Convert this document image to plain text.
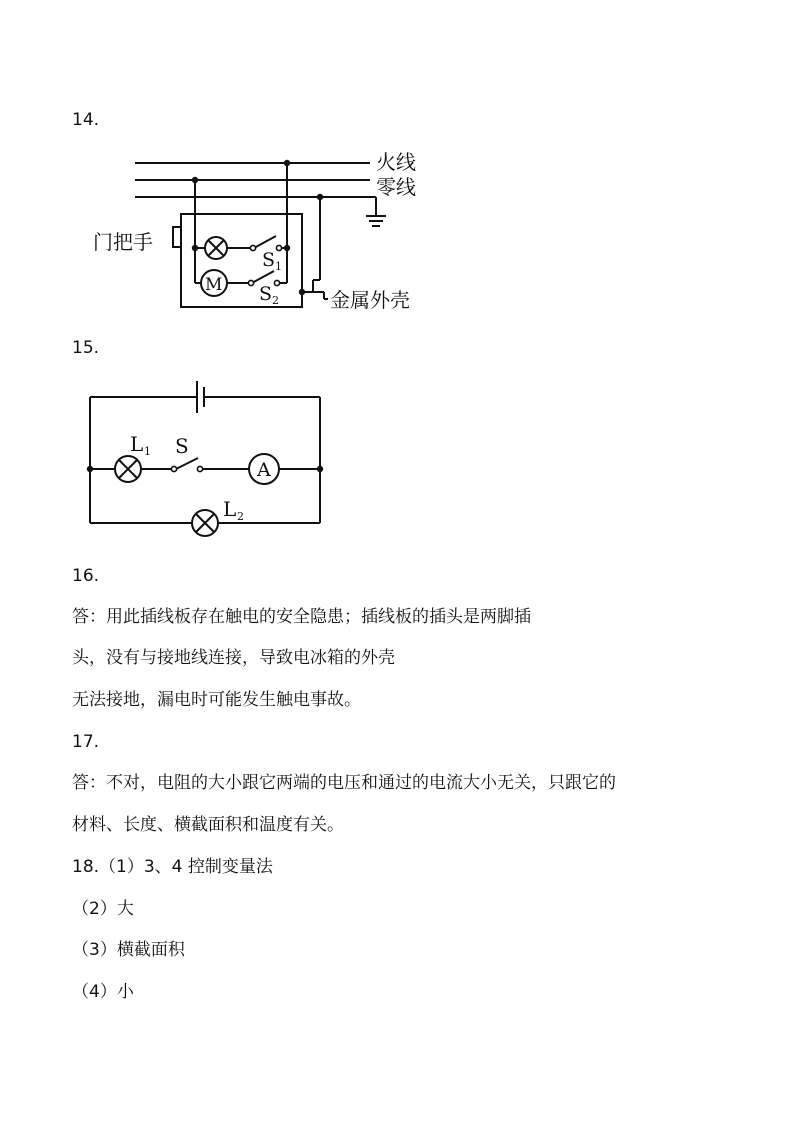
14.
火线
零线
门把手
金属外壳
M
S 1
S 2
15.
L 1 S
A
L 2
16.
答：用此插线板存在触电的安全隐患；插线板的插头是两脚插
头，没有与接地线连接，导致电冰箱的外壳
无法接地，漏电时可能发生触电事故。
17.
答：不对，电阻的大小跟它两端的电压和通过的电流大小无关，只跟它的
材料、长度、横截面积和温度有关。
18.（1）3、4 控制变量法
（2）大
（3）横截面积
（4）小
